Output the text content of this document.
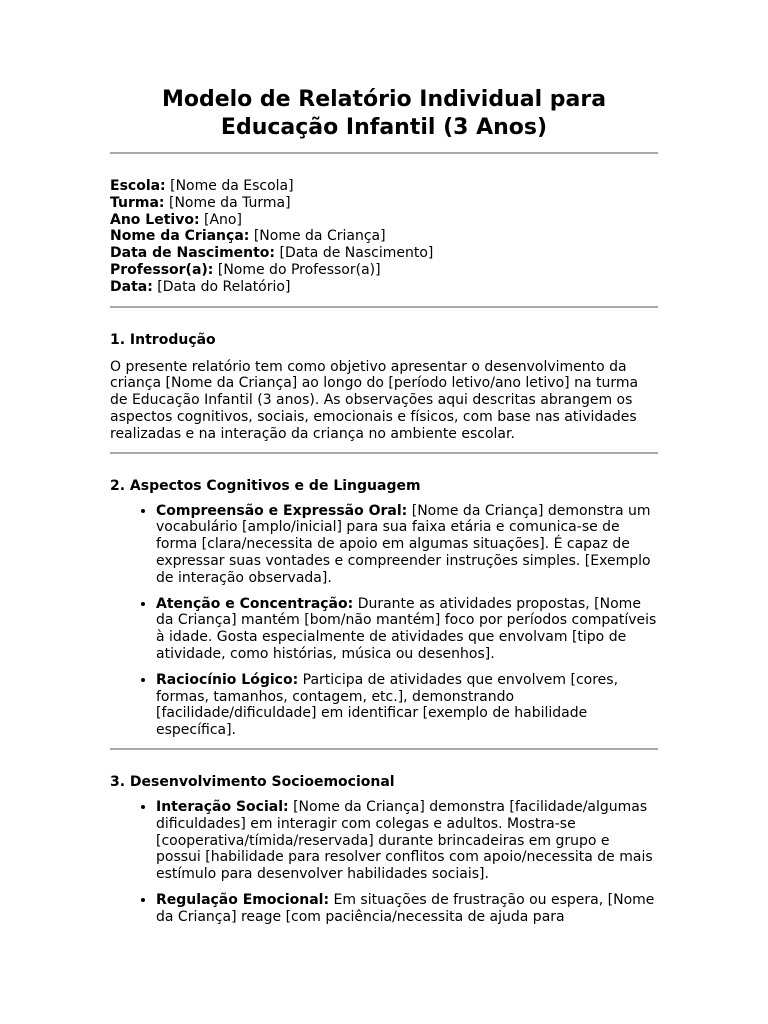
Modelo de Relatório Individual para Educação Infantil (3 Anos)
Escola: [Nome da Escola]
Turma: [Nome da Turma]
Ano Letivo: [Ano]
Nome da Criança: [Nome da Criança]
Data de Nascimento: [Data de Nascimento]
Professor(a): [Nome do Professor(a)]
Data: [Data do Relatório]
1. Introdução

O presente relatório tem como objetivo apresentar o desenvolvimento da criança [Nome da Criança] ao longo do [período letivo/ano letivo] na turma de Educação Infantil (3 anos). As observações aqui descritas abrangem os aspectos cognitivos, sociais, emocionais e físicos, com base nas atividades realizadas e na interação da criança no ambiente escolar.

2. Aspectos Cognitivos e de Linguagem
• Compreensão e Expressão Oral: [Nome da Criança] demonstra um vocabulário [amplo/inicial] para sua faixa etária e comunica-se de forma [clara/necessita de apoio em algumas situações]. É capaz de expressar suas vontades e compreender instruções simples. [Exemplo de interação observada].
• Atenção e Concentração: Durante as atividades propostas, [Nome da Criança] mantém [bom/não mantém] foco por períodos compatíveis à idade. Gosta especialmente de atividades que envolvam [tipo de atividade, como histórias, música ou desenhos].
• Raciocínio Lógico: Participa de atividades que envolvem [cores, formas, tamanhos, contagem, etc.], demonstrando [facilidade/dificuldade] em identificar [exemplo de habilidade específica].
3. Desenvolvimento Socioemocional
• Interação Social: [Nome da Criança] demonstra [facilidade/algumas dificuldades] em interagir com colegas e adultos. Mostra-se [cooperativa/tímida/reservada] durante brincadeiras em grupo e possui [habilidade para resolver conflitos com apoio/necessita de mais estímulo para desenvolver habilidades sociais].
• Regulação Emocional: Em situações de frustração ou espera, [Nome da Criança] reage [com paciência/necessita de ajuda para
